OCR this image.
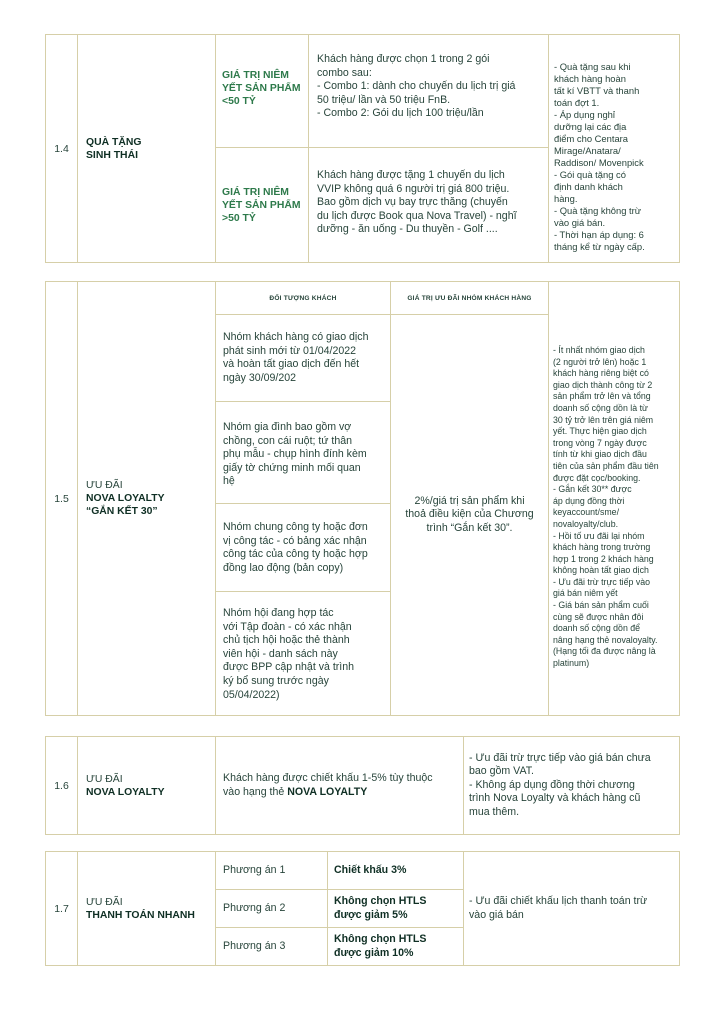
1.4
QUÀ TẶNG
SINH THÁI
GIÁ TRỊ NIÊM
YẾT SẢN PHẨM
<50 TỶ
Khách hàng được chọn 1 trong 2 gói
combo sau:
- Combo 1: dành cho chuyến du lịch trị giá
50 triệu/ lần và 50 triệu FnB.
- Combo 2: Gói du lịch 100 triệu/lần
GIÁ TRỊ NIÊM
YẾT SẢN PHẨM
>50 TỶ
Khách hàng được tặng 1 chuyến du lịch
VVIP không quá 6 người trị giá 800 triệu.
Bao gồm dịch vụ bay trực thăng (chuyến
du lịch được Book qua Nova Travel) - nghĩ
dưỡng - ăn uống - Du thuyền - Golf ....
- Quà tặng sau khi
khách hàng hoàn
tất kí VBTT và thanh
toán đợt 1.
- Áp dụng nghỉ
dưỡng lại các địa
điểm cho Centara
Mirage/Anatara/
Raddison/ Movenpick
- Gói quà tặng có
định danh khách
hàng.
- Quà tặng không trừ
vào giá bán.
- Thời hạn áp dụng: 6
tháng kể từ ngày cấp.
1.5
ƯU ĐÃI
NOVA LOYALTY
“GẮN KẾT 30”
ĐỐI TƯỢNG KHÁCH	GIÁ TRỊ ƯU ĐÃI NHÓM KHÁCH HÀNG
Nhóm khách hàng có giao dịch
phát sinh mới từ 01/04/2022
và hoàn tất giao dịch đến hết
ngày 30/09/202
Nhóm gia đình bao gồm vợ
chồng, con cái ruột; tứ thân
phụ mẫu - chụp hình đính kèm
giấy tờ chứng minh mối quan
hệ
Nhóm chung công ty hoặc đơn
vị công tác - có bảng xác nhận
công tác của công ty hoặc hợp
đồng lao động (bản copy)
Nhóm hội đang hợp tác
với Tập đoàn - có xác nhận
chủ tịch hội hoặc thẻ thành
viên hội - danh sách này
được BPP cập nhật và trình
ký bổ sung trước ngày
05/04/2022)
2%/giá trị sản phẩm khi
thoả điều kiện của Chương
trình “Gắn kết 30”.
- Ít nhất nhóm giao dịch
(2 người trở lên) hoặc 1
khách hàng riêng biệt có
giao dịch thành công từ 2
sản phẩm trở lên và tổng
doanh số cộng dồn là từ
30 tỷ trở lên trên giá niêm
yết. Thực hiện giao dịch
trong vòng 7 ngày được
tính từ khi giao dịch đầu
tiên của sản phẩm đầu tiên
được đặt cọc/booking.
- Gắn kết 30** được
áp dụng đồng thời
keyaccount/sme/
novaloyalty/club.
- Hồi tố ưu đãi lại nhóm
khách hàng trong trường
hợp 1 trong 2 khách hàng
không hoàn tất giao dịch
- Ưu đãi trừ trực tiếp vào
giá bán niêm yết
- Giá bán sản phẩm cuối
cùng sẽ được nhân đôi
doanh số cộng dồn để
nâng hạng thẻ novaloyalty.
(Hạng tối đa được nâng là
platinum)
1.6
ƯU ĐÃI
NOVA LOYALTY
Khách hàng được chiết khấu 1-5% tùy thuộc
vào hạng thẻ NOVA LOYALTY
- Ưu đãi trừ trực tiếp vào giá bán chưa
bao gồm VAT.
- Không áp dụng đồng thời chương
trình Nova Loyalty và khách hàng cũ
mua thêm.
1.7
ƯU ĐÃI
THANH TOÁN NHANH
Phương án 1	Chiết khấu 3%
Phương án 2
Không chọn HTLS
được giảm 5%
Phương án 3
Không chọn HTLS
được giảm 10%
- Ưu đãi chiết khấu lịch thanh toán trừ
vào giá bán
